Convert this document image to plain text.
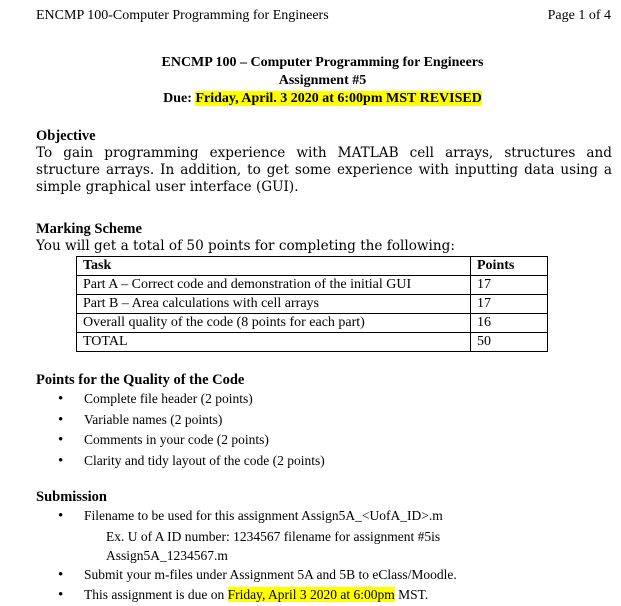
ENCMP 100-Computer Programming for Engineers	Page 1 of 4
ENCMP 100 – Computer Programming for Engineers
Assignment #5
Due: Friday, April. 3 2020 at 6:00pm MST REVISED
Objective
To gain programming experience with MATLAB cell arrays, structures and structure arrays. In addition, to get some experience with inputting data using a simple graphical user interface (GUI).
Marking Scheme
You will get a total of 50 points for completing the following:
Task	Points
Part A – Correct code and demonstration of the initial GUI	17
Part B – Area calculations with cell arrays	17
Overall quality of the code (8 points for each part)	16
TOTAL	50
Points for the Quality of the Code
• Complete file header (2 points)
• Variable names (2 points)
• Comments in your code (2 points)
• Clarity and tidy layout of the code (2 points)
Submission
• Filename to be used for this assignment Assign5A_<UofA_ID>.m
Ex. U of A ID number: 1234567 filename for assignment #5is
Assign5A_1234567.m
• Submit your m-files under Assignment 5A and 5B to eClass/Moodle.
• This assignment is due on Friday, April 3 2020 at 6:00pm MST.
